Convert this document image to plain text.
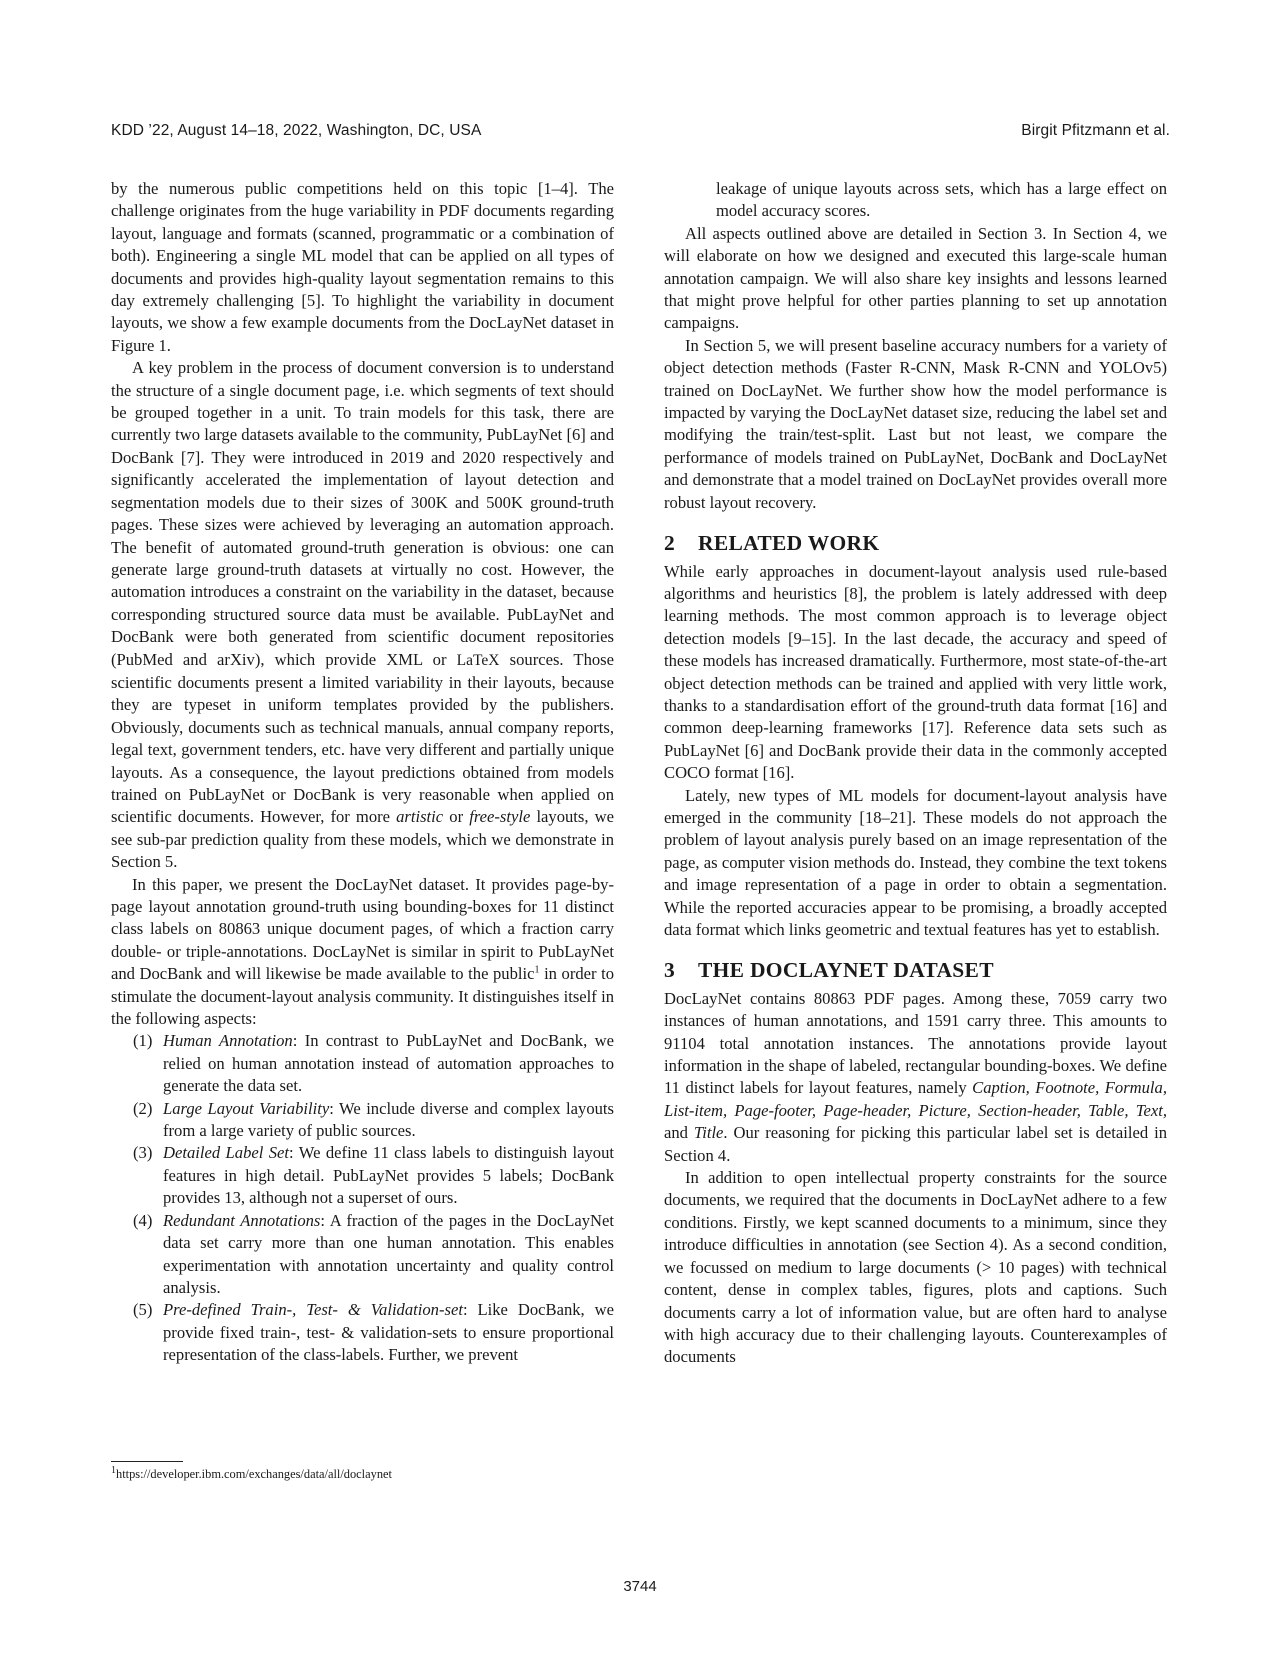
KDD ’22, August 14–18, 2022, Washington, DC, USA	Birgit Pfitzmann et al.

by the numerous public competitions held on this topic [1–4]. The challenge originates from the huge variability in PDF documents regarding layout, language and formats (scanned, programmatic or a combination of both). Engineering a single ML model that can be applied on all types of documents and provides high-quality layout segmentation remains to this day extremely challenging [5]. To highlight the variability in document layouts, we show a few example documents from the DocLayNet dataset in Figure 1.

A key problem in the process of document conversion is to understand the structure of a single document page, i.e. which segments of text should be grouped together in a unit. To train models for this task, there are currently two large datasets available to the community, PubLayNet [6] and DocBank [7]. They were introduced in 2019 and 2020 respectively and significantly accelerated the implementation of layout detection and segmentation models due to their sizes of 300K and 500K ground-truth pages. These sizes were achieved by leveraging an automation approach. The benefit of automated ground-truth generation is obvious: one can generate large ground-truth datasets at virtually no cost. However, the automation introduces a constraint on the variability in the dataset, because corresponding structured source data must be available. PubLayNet and DocBank were both generated from scientific document repositories (PubMed and arXiv), which provide XML or LaTeX sources. Those scientific documents present a limited variability in their layouts, because they are typeset in uniform templates provided by the publishers. Obviously, documents such as technical manuals, annual company reports, legal text, government tenders, etc. have very different and partially unique layouts. As a consequence, the layout predictions obtained from models trained on PubLayNet or DocBank is very reasonable when applied on scientific documents. However, for more artistic or free-style layouts, we see sub-par prediction quality from these models, which we demonstrate in Section 5.

In this paper, we present the DocLayNet dataset. It provides page-by-page layout annotation ground-truth using bounding-boxes for 11 distinct class labels on 80863 unique document pages, of which a fraction carry double- or triple-annotations. DocLayNet is similar in spirit to PubLayNet and DocBank and will likewise be made available to the public$^1$ in order to stimulate the document-layout analysis community. It distinguishes itself in the following aspects:

(1) Human Annotation: In contrast to PubLayNet and DocBank, we relied on human annotation instead of automation approaches to generate the data set.
(2) Large Layout Variability: We include diverse and complex layouts from a large variety of public sources.
(3) Detailed Label Set: We define 11 class labels to distinguish layout features in high detail. PubLayNet provides 5 labels; DocBank provides 13, although not a superset of ours.
(4) Redundant Annotations: A fraction of the pages in the DocLayNet data set carry more than one human annotation. This enables experimentation with annotation uncertainty and quality control analysis.
(5) Pre-defined Train-, Test- & Validation-set: Like DocBank, we provide fixed train-, test- & validation-sets to ensure proportional representation of the class-labels. Further, we prevent
$^1$https://developer.ibm.com/exchanges/data/all/doclaynet

leakage of unique layouts across sets, which has a large effect on model accuracy scores.

All aspects outlined above are detailed in Section 3. In Section 4, we will elaborate on how we designed and executed this large-scale human annotation campaign. We will also share key insights and lessons learned that might prove helpful for other parties planning to set up annotation campaigns.

In Section 5, we will present baseline accuracy numbers for a variety of object detection methods (Faster R-CNN, Mask R-CNN and YOLOv5) trained on DocLayNet. We further show how the model performance is impacted by varying the DocLayNet dataset size, reducing the label set and modifying the train/test-split. Last but not least, we compare the performance of models trained on PubLayNet, DocBank and DocLayNet and demonstrate that a model trained on DocLayNet provides overall more robust layout recovery.

2 RELATED WORK

While early approaches in document-layout analysis used rule-based algorithms and heuristics [8], the problem is lately addressed with deep learning methods. The most common approach is to leverage object detection models [9–15]. In the last decade, the accuracy and speed of these models has increased dramatically. Furthermore, most state-of-the-art object detection methods can be trained and applied with very little work, thanks to a standardisation effort of the ground-truth data format [16] and common deep-learning frameworks [17]. Reference data sets such as PubLayNet [6] and DocBank provide their data in the commonly accepted COCO format [16].

Lately, new types of ML models for document-layout analysis have emerged in the community [18–21]. These models do not approach the problem of layout analysis purely based on an image representation of the page, as computer vision methods do. Instead, they combine the text tokens and image representation of a page in order to obtain a segmentation. While the reported accuracies appear to be promising, a broadly accepted data format which links geometric and textual features has yet to establish.

3 THE DOCLAYNET DATASET

DocLayNet contains 80863 PDF pages. Among these, 7059 carry two instances of human annotations, and 1591 carry three. This amounts to 91104 total annotation instances. The annotations provide layout information in the shape of labeled, rectangular bounding-boxes. We define 11 distinct labels for layout features, namely Caption, Footnote, Formula, List-item, Page-footer, Page-header, Picture, Section-header, Table, Text, and Title. Our reasoning for picking this particular label set is detailed in Section 4.

In addition to open intellectual property constraints for the source documents, we required that the documents in DocLayNet adhere to a few conditions. Firstly, we kept scanned documents to a minimum, since they introduce difficulties in annotation (see Section 4). As a second condition, we focussed on medium to large documents (> 10 pages) with technical content, dense in complex tables, figures, plots and captions. Such documents carry a lot of information value, but are often hard to analyse with high accuracy due to their challenging layouts. Counterexamples of documents

3744
